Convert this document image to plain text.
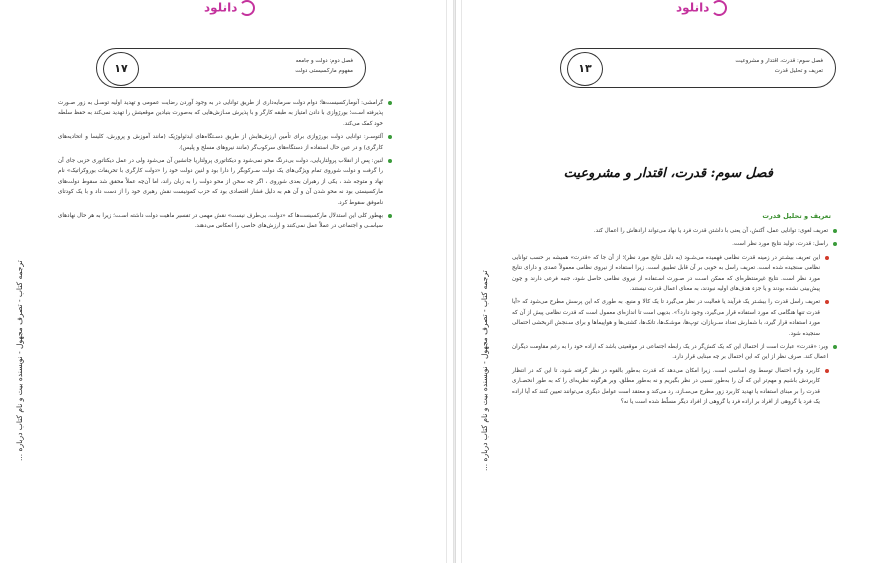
دانلود
۱۷
فصل دوم: دولت و جامعه
مفهوم مارکسیستی دولت
ترجمه کتاب - تصرف مجهول - نویسنده بیت و نام کتاب درباره ...
گرامشی: آنومارکسیست‌ها؛ دوام دولت سرمایه‌داری از طریق توانایی در به وجود آوردن رضایت عمومی و تهدید اولیه توسـل به زور صـورت پذیرفته اسـت؛ بورژوازی با دادن امتیاز به طبقه کارگر و با پذیرش سـازش‌هایی که به‌صورت بنیادین موقعیتش را تهدید نمی‌کند به حفظ سلطه خود کمک می‌کند.
آلتوسـر: توانایی دولت بورژوازی برای تأمین ارزش‌هایش از طریق دسـتگاه‌های ایدئولوژیک (مانند آموزش و پرورش، کلیسا و اتحادیه‌های کارگری) و در عین حال استفاده از دستگاه‌های سرکوب‌گر (مانند نیروهای مسلح و پلیس).
لنین: پس از انقلاب پرولتاریایی، دولت بی‌درنگ محو نمی‌شود و دیکتاتوری پرولتاریا جانشین آن می‌شود ولی در عمل دیکتاتوری حزبی جای آن را گرفت و دولت شوروی تمام ویژگی‌های یک دولت سـرکوبگر را دارا بود و لنین دولت خود را «دولت کارگری با تحریفات بوروکراتیک» نام نهاد و متوجه شد ، یکی از رهبران بعدی شوروی ، اگر چه سخن از محو دولت را به زبان راند، اما آن‌چه عملاً محقق شد سقوط دولت‌های مارکسیستی بود نه محو شدن آن و آن هم به دلیل فشار اقتصادی بود که حزب کمونیست نقش رهبری خود را از دست داد و با یک کودتای ناموفق سقوط کرد.
بهطور کلی این استدلال مارکسیست‌ها که «دولت، بی‌طرف نیست» نقش مهمی در تفسیر ماهیت دولت داشته اسـت؛ زیرا به هر حال نهادهای سیاسـی و اجتماعی در عملاً عمل نمی‌کنند و ارزش‌های خاصی را انعکاس می‌دهند.
دانلود
۱۳
فصل سوم: قدرت، اقتدار و مشروعیت
تعریف و تحلیل قدرت
ترجمه کتاب - تصرف مجهول - نویسنده بیت و نام کتاب درباره ...
فصل سوم: قدرت، اقتدار و مشروعیت
تعریف و تحلیل قدرت
تعریف لغوی: توانایی عمل، آکنش، آن یعنی با داشتن قدرت فرد یا نهاد می‌تواند ارادهاش را اعمال کند.
راسل: قدرت، تولید نتایج مورد نظر است.
این تعریف بیشـتر در زمینه قدرت نظامی فهمیده می‌شـود (به دلیل نتایج مورد نظر)؛ از آن جا که «قدرت» همیشه بر حسب توانایی نظامی سنجیده شده است. تعریف راسل به خوبی بر آن قابل تطبیق است. زیرا استفاده از نیروی نظامی معمولاً عمدی و دارای نتایج مورد نظر است. نتایج غیرمنتظره‌ای که ممکن اسـت در صـورت اسـتفاده از نیروی نظامی حاصل شود، جنبه فرعی دارند و چون پیش‌بینی نشده بودند و یا جزء هدف‌های اولیه نبودند، به معنای اعمال قدرت نیستند.
تعریف راسل قدرت را بیشـتر یک فرآیند یا فعالیت در نظر می‌گیرد تا یک کالا و منبع. به طوری که این پرسش مطرح می‌شود که «آیا قدرت تنها هنگامی که مورد استفاده قرار می‌گیرد، وجود دارد؟». بدیهی است تا اندازه‌ای معمول است که قدرت نظامی پیش از آن که مورد استفاده قرار گیرد، با شمارش تعداد سـربازان، توپ‌ها، موشـک‌ها، تانک‌ها، کشتی‌ها و هواپیماها و برای سـنجش اثربخشی احتمالی سنجیده شود.
وبر: «قدرت» عبارت است از احتمال این که یک کنش‌گر در یک رابطه اجتماعی در موقعیتی باشد که اراده خود را به رغم مقاومت دیگران اعمال کند. صرف نظر از این که این احتمال بر چه مبنایی قرار دارد.
کاربرد واژه احتمال توسط وی اساسی است. زیرا امکان می‌دهد که قدرت به‌طور بالقوه در نظر گرفته شود، تا این که در انتظار کاربردش باشیم و مهم‌تر این که آن را به‌طور نسبی در نظر بگیریم و نه به‌طور مطلق. وبر هرگونه نظریه‌ای را که به طور انحصـاری قدرت را بر مبنای استفاده یا تهدید کاربرد زور مطرح می‌سـازد، رد می‌کند و معتقد است عوامل دیگری می‌توانند تعیین کنند که آیا اراده یک فرد یا گروهی از افراد بر اراده فرد یا گروهی از افراد دیگر مسلّط شده است یا نه؟
